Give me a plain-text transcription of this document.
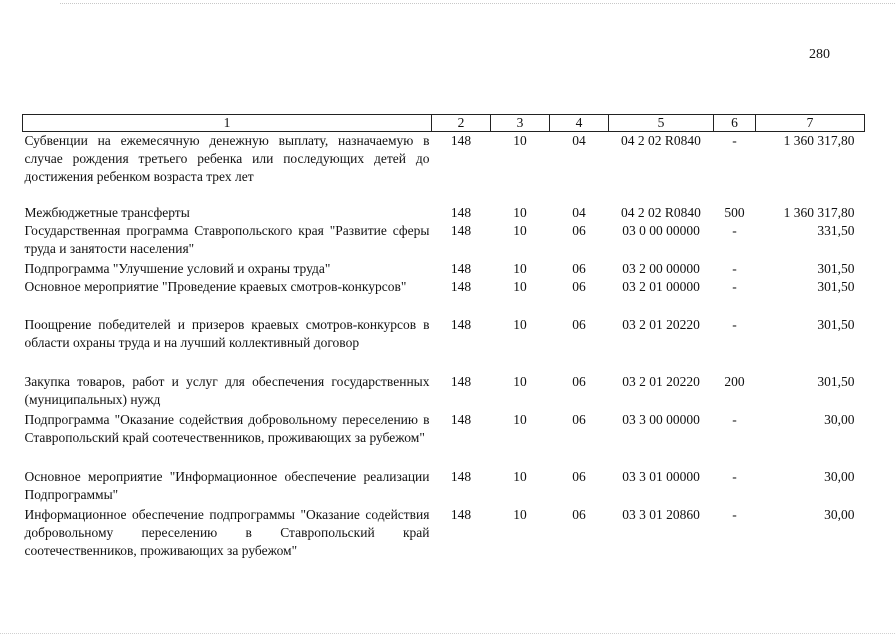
280
1	2	3	4	5	6	7
Субвенции на ежемесячную денежную выплату, назначаемую в случае рождения третьего ребенка или последующих детей до достижения ребенком возраста трех лет	148	10	04	04 2 02 R0840	-	1 360 317,80
Межбюджетные трансферты	148	10	04	04 2 02 R0840	500	1 360 317,80
Государственная программа Ставропольского края "Развитие сферы труда и занятости населения"	148	10	06	03 0 00 00000	-	331,50
Подпрограмма "Улучшение условий и охраны труда"	148	10	06	03 2 00 00000	-	301,50
Основное мероприятие "Проведение краевых смотров-конкурсов"	148	10	06	03 2 01 00000	-	301,50
Поощрение победителей и призеров краевых смотров-конкурсов в области охраны труда и на лучший коллективный договор	148	10	06	03 2 01 20220	-	301,50
Закупка товаров, работ и услуг для обеспечения государственных (муниципальных) нужд	148	10	06	03 2 01 20220	200	301,50
Подпрограмма "Оказание содействия добровольному переселению в Ставропольский край соотечественников, проживающих за рубежом"	148	10	06	03 3 00 00000	-	30,00
Основное мероприятие "Информационное обеспечение реализации Подпрограммы"	148	10	06	03 3 01 00000	-	30,00
Информационное обеспечение подпрограммы "Оказание содействия добровольному переселению в Ставропольский край соотечественников, проживающих за рубежом"	148	10	06	03 3 01 20860	-	30,00
